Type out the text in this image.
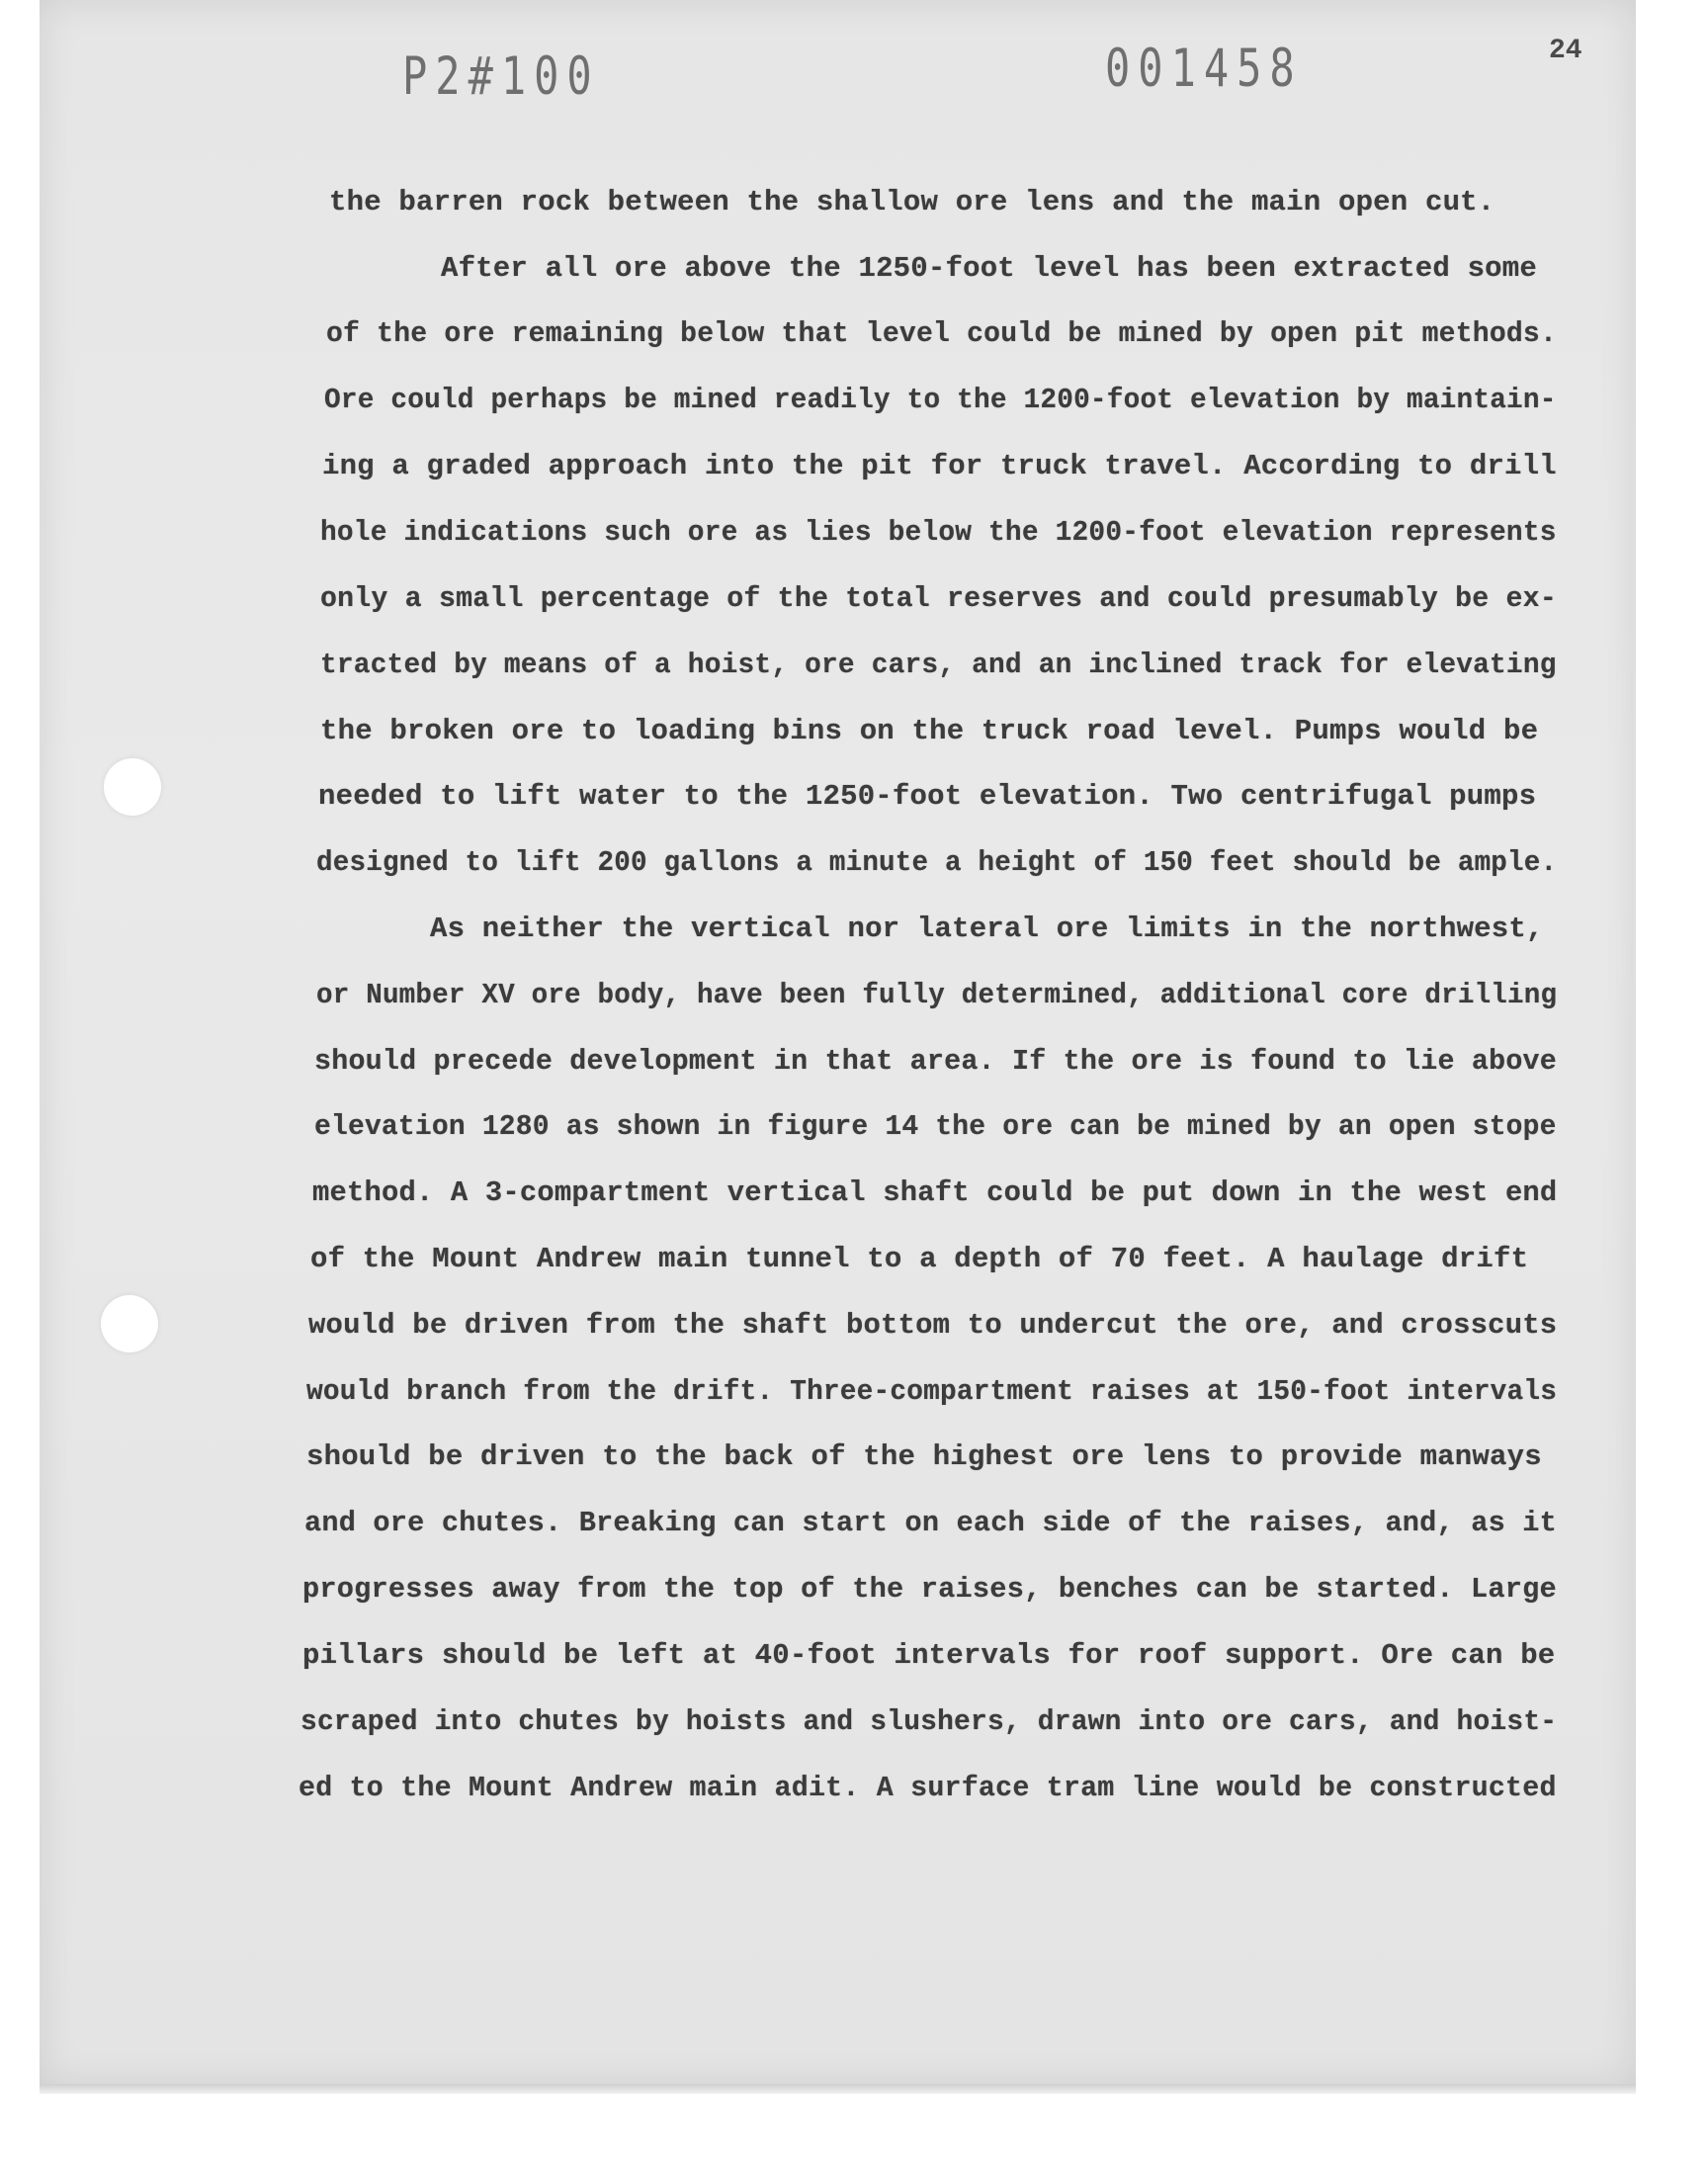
P2#100	001458	24

the barren rock between the shallow ore lens and the main open cut.

After all ore above the 1250-foot level has been extracted some

of the ore remaining below that level could be mined by open pit methods.

Ore could perhaps be mined readily to the 1200-foot elevation by maintain-

ing a graded approach into the pit for truck travel. According to drill

hole indications such ore as lies below the 1200-foot elevation represents

only a small percentage of the total reserves and could presumably be ex-

tracted by means of a hoist, ore cars, and an inclined track for elevating

the broken ore to loading bins on the truck road level. Pumps would be

needed to lift water to the 1250-foot elevation. Two centrifugal pumps

designed to lift 200 gallons a minute a height of 150 feet should be ample.

As neither the vertical nor lateral ore limits in the northwest,

or Number XV ore body, have been fully determined, additional core drilling

should precede development in that area. If the ore is found to lie above

elevation 1280 as shown in figure 14 the ore can be mined by an open stope

method. A 3-compartment vertical shaft could be put down in the west end

of the Mount Andrew main tunnel to a depth of 70 feet. A haulage drift

would be driven from the shaft bottom to undercut the ore, and crosscuts

would branch from the drift. Three-compartment raises at 150-foot intervals

should be driven to the back of the highest ore lens to provide manways

and ore chutes. Breaking can start on each side of the raises, and, as it

progresses away from the top of the raises, benches can be started. Large

pillars should be left at 40-foot intervals for roof support. Ore can be

scraped into chutes by hoists and slushers, drawn into ore cars, and hoist-

ed to the Mount Andrew main adit. A surface tram line would be constructed
